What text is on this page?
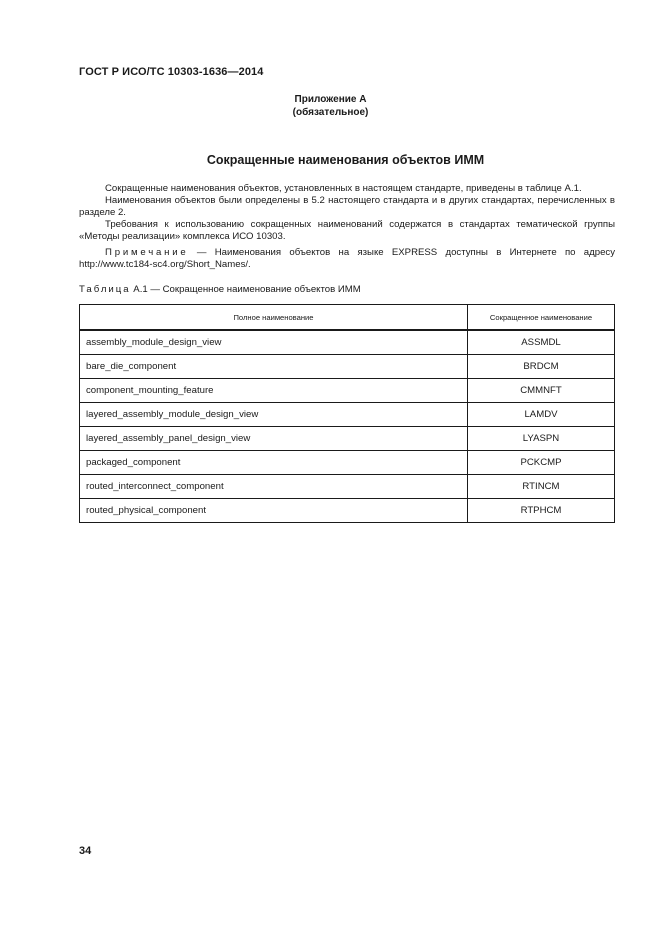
ГОСТ Р ИСО/ТС 10303-1636—2014
Приложение А
(обязательное)
Сокращенные наименования объектов ИММ

Сокращенные наименования объектов, установленных в настоящем стандарте, приведены в таблице А.1.

Наименования объектов были определены в 5.2 настоящего стандарта и в других стандартах, перечисленных в разделе 2.

Требования к использованию сокращенных наименований содержатся в стандартах тематической группы «Методы реализации» комплекса ИСО 10303.

Примечание — Наименования объектов на языке EXPRESS доступны в Интернете по адресу http://www.tc184-sc4.org/Short_Names/.

Таблица А.1 — Сокращенное наименование объектов ИММ
Полное наименование	Сокращенное наименование
assembly_module_design_view	ASSMDL
bare_die_component	BRDCM
component_mounting_feature	CMMNFT
layered_assembly_module_design_view	LAMDV
layered_assembly_panel_design_view	LYASPN
packaged_component	PCKCMP
routed_interconnect_component	RTINCM
routed_physical_component	RTPHCM
34
